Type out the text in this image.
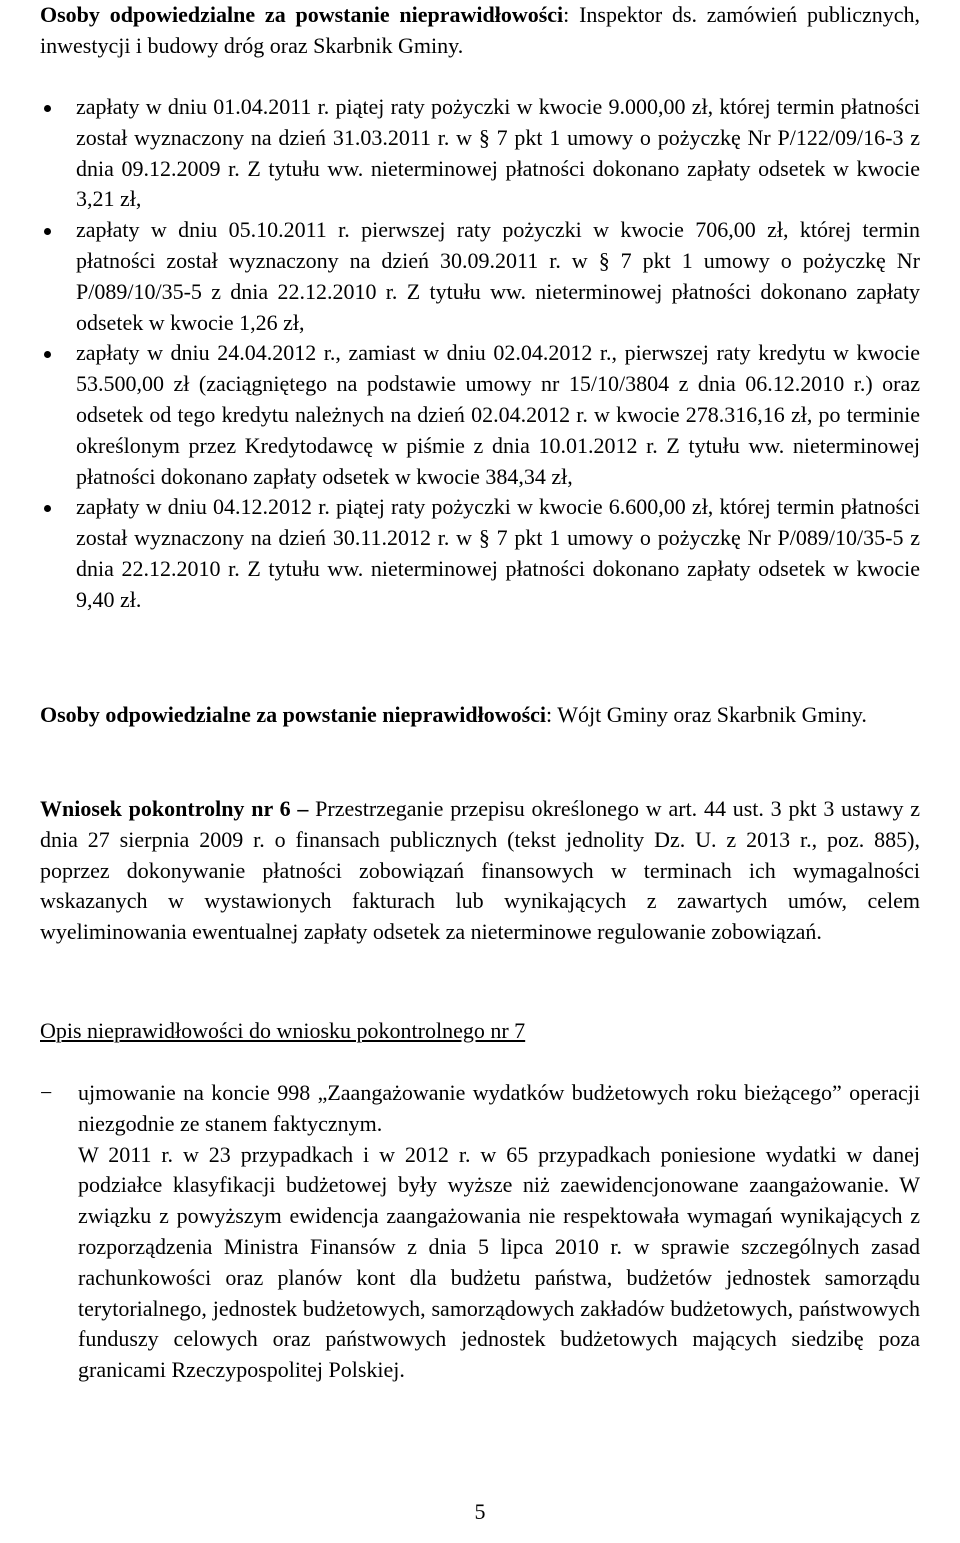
Osoby odpowiedzialne za powstanie nieprawidłowości: Inspektor ds. zamówień publicznych, inwestycji i budowy dróg oraz Skarbnik Gminy.
zapłaty w dniu 01.04.2011 r. piątej raty pożyczki w kwocie 9.000,00 zł, której termin płatności został wyznaczony na dzień 31.03.2011 r. w § 7 pkt 1 umowy o pożyczkę Nr P/122/09/16-3 z dnia 09.12.2009 r. Z tytułu ww. nieterminowej płatności dokonano zapłaty odsetek w kwocie 3,21 zł,
zapłaty w dniu 05.10.2011 r. pierwszej raty pożyczki w kwocie 706,00 zł, której termin płatności został wyznaczony na dzień 30.09.2011 r. w § 7 pkt 1 umowy o pożyczkę Nr P/089/10/35-5 z dnia 22.12.2010 r. Z tytułu ww. nieterminowej płatności dokonano zapłaty odsetek w kwocie 1,26 zł,
zapłaty w dniu 24.04.2012 r., zamiast w dniu 02.04.2012 r., pierwszej raty kredytu w kwocie 53.500,00 zł (zaciągniętego na podstawie umowy nr 15/10/3804 z dnia 06.12.2010 r.) oraz odsetek od tego kredytu należnych na dzień 02.04.2012 r. w kwocie 278.316,16 zł, po terminie określonym przez Kredytodawcę w piśmie z dnia 10.01.2012 r. Z tytułu ww. nieterminowej płatności dokonano zapłaty odsetek w kwocie 384,34 zł,
zapłaty w dniu 04.12.2012 r. piątej raty pożyczki w kwocie 6.600,00 zł, której termin płatności został wyznaczony na dzień 30.11.2012 r. w § 7 pkt 1 umowy o pożyczkę Nr P/089/10/35-5 z dnia 22.12.2010 r. Z tytułu ww. nieterminowej płatności dokonano zapłaty odsetek w kwocie 9,40 zł.
Osoby odpowiedzialne za powstanie nieprawidłowości: Wójt Gminy oraz Skarbnik Gminy.
Wniosek pokontrolny nr 6 – Przestrzeganie przepisu określonego w art. 44 ust. 3 pkt 3 ustawy z dnia 27 sierpnia 2009 r. o finansach publicznych (tekst jednolity Dz. U. z 2013 r., poz. 885), poprzez dokonywanie płatności zobowiązań finansowych w terminach ich wymagalności wskazanych w wystawionych fakturach lub wynikających z zawartych umów, celem wyeliminowania ewentualnej zapłaty odsetek za nieterminowe regulowanie zobowiązań.
Opis nieprawidłowości do wniosku pokontrolnego nr 7
− ujmowanie na koncie 998 „Zaangażowanie wydatków budżetowych roku bieżącego” operacji niezgodnie ze stanem faktycznym.

W 2011 r. w 23 przypadkach i w 2012 r. w 65 przypadkach poniesione wydatki w danej podziałce klasyfikacji budżetowej były wyższe niż zaewidencjonowane zaangażowanie. W związku z powyższym ewidencja zaangażowania nie respektowała wymagań wynikających z rozporządzenia Ministra Finansów z dnia 5 lipca 2010 r. w sprawie szczególnych zasad rachunkowości oraz planów kont dla budżetu państwa, budżetów jednostek samorządu terytorialnego, jednostek budżetowych, samorządowych zakładów budżetowych, państwowych funduszy celowych oraz państwowych jednostek budżetowych mających siedzibę poza granicami Rzeczypospolitej Polskiej.

5
